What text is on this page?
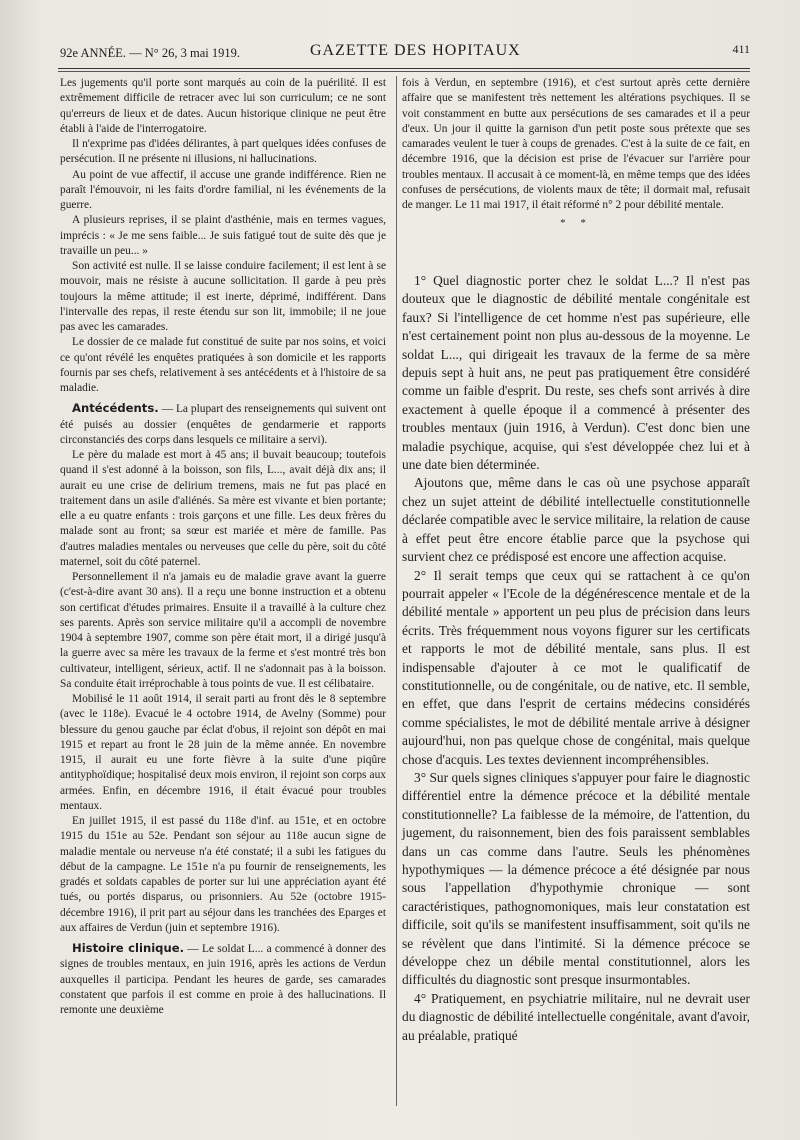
92e ANNÉE. — N° 26, 3 mai 1919.	GAZETTE DES HOPITAUX	411

Les jugements qu'il porte sont marqués au coin de la puérilité. Il est extrêmement difficile de retracer avec lui son curriculum; ce ne sont qu'erreurs de lieux et de dates. Aucun historique clinique ne peut être établi à l'aide de l'interrogatoire.

Il n'exprime pas d'idées délirantes, à part quelques idées confuses de persécution. Il ne présente ni illusions, ni hallucinations.

Au point de vue affectif, il accuse une grande indifférence. Rien ne paraît l'émouvoir, ni les faits d'ordre familial, ni les événements de la guerre.

A plusieurs reprises, il se plaint d'asthénie, mais en termes vagues, imprécis : « Je me sens faible... Je suis fatigué tout de suite dès que je travaille un peu... »

Son activité est nulle. Il se laisse conduire facilement; il est lent à se mouvoir, mais ne résiste à aucune sollicitation. Il garde à peu près toujours la même attitude; il est inerte, déprimé, indifférent. Dans l'intervalle des repas, il reste étendu sur son lit, immobile; il ne joue pas avec les camarades.

Le dossier de ce malade fut constitué de suite par nos soins, et voici ce qu'ont révélé les enquêtes pratiquées à son domicile et les rapports fournis par ses chefs, relativement à ses antécédents et à l'histoire de sa maladie.

Antécédents. — La plupart des renseignements qui suivent ont été puisés au dossier (enquêtes de gendarmerie et rapports circonstanciés des corps dans lesquels ce militaire a servi).

Le père du malade est mort à 45 ans; il buvait beaucoup; toutefois quand il s'est adonné à la boisson, son fils, L..., avait déjà dix ans; il aurait eu une crise de delirium tremens, mais ne fut pas placé en traitement dans un asile d'aliénés. Sa mère est vivante et bien portante; elle a eu quatre enfants : trois garçons et une fille. Les deux frères du malade sont au front; sa sœur est mariée et mère de famille. Pas d'autres maladies mentales ou nerveuses que celle du père, soit du côté maternel, soit du côté paternel.

Personnellement il n'a jamais eu de maladie grave avant la guerre (c'est-à-dire avant 30 ans). Il a reçu une bonne instruction et a obtenu son certificat d'études primaires. Ensuite il a travaillé à la culture chez ses parents. Après son service militaire qu'il a accompli de novembre 1904 à septembre 1907, comme son père était mort, il a dirigé jusqu'à la guerre avec sa mère les travaux de la ferme et s'est montré très bon cultivateur, intelligent, sérieux, actif. Il ne s'adonnait pas à la boisson. Sa conduite était irréprochable à tous points de vue. Il est célibataire.

Mobilisé le 11 août 1914, il serait parti au front dès le 8 septembre (avec le 118e). Evacué le 4 octobre 1914, de Avelny (Somme) pour blessure du genou gauche par éclat d'obus, il rejoint son dépôt en mai 1915 et repart au front le 28 juin de la même année. En novembre 1915, il aurait eu une forte fièvre à la suite d'une piqûre antityphoïdique; hospitalisé deux mois environ, il rejoint son corps aux armées. Enfin, en décembre 1916, il était évacué pour troubles mentaux.

En juillet 1915, il est passé du 118e d'inf. au 151e, et en octobre 1915 du 151e au 52e. Pendant son séjour au 118e aucun signe de maladie mentale ou nerveuse n'a été constaté; il a subi les fatigues du début de la campagne. Le 151e n'a pu fournir de renseignements, les gradés et soldats capables de porter sur lui une appréciation ayant été tués, ou portés disparus, ou prisonniers. Au 52e (octobre 1915-décembre 1916), il prit part au séjour dans les tranchées des Eparges et aux affaires de Verdun (juin et septembre 1916).

Histoire clinique. — Le soldat L... a commencé à donner des signes de troubles mentaux, en juin 1916, après les actions de Verdun auxquelles il participa. Pendant les heures de garde, ses camarades constatent que parfois il est comme en proie à des hallucinations. Il remonte une deuxième

fois à Verdun, en septembre (1916), et c'est surtout après cette dernière affaire que se manifestent très nettement les altérations psychiques. Il se voit constamment en butte aux persécutions de ses camarades et il a peur d'eux. Un jour il quitte la garnison d'un petit poste sous prétexte que ses camarades veulent le tuer à coups de grenades. C'est à la suite de ce fait, en décembre 1916, que la décision est prise de l'évacuer sur l'arrière pour troubles mentaux. Il accusait à ce moment-là, en même temps que des idées confuses de persécutions, de violents maux de tête; il dormait mal, refusait de manger. Le 11 mai 1917, il était réformé n° 2 pour débilité mentale.

* *

1° Quel diagnostic porter chez le soldat L...? Il n'est pas douteux que le diagnostic de débilité mentale congénitale est faux? Si l'intelligence de cet homme n'est pas supérieure, elle n'est certainement point non plus au-dessous de la moyenne. Le soldat L..., qui dirigeait les travaux de la ferme de sa mère depuis sept à huit ans, ne peut pas pratiquement être considéré comme un faible d'esprit. Du reste, ses chefs sont arrivés à dire exactement à quelle époque il a commencé à présenter des troubles mentaux (juin 1916, à Verdun). C'est donc bien une maladie psychique, acquise, qui s'est développée chez lui et à une date bien déterminée.

Ajoutons que, même dans le cas où une psychose apparaît chez un sujet atteint de débilité intellectuelle constitutionnelle déclarée compatible avec le service militaire, la relation de cause à effet peut être encore établie parce que la psychose qui survient chez ce prédisposé est encore une affection acquise.

2° Il serait temps que ceux qui se rattachent à ce qu'on pourrait appeler « l'Ecole de la dégénérescence mentale et de la débilité mentale » apportent un peu plus de précision dans leurs écrits. Très fréquemment nous voyons figurer sur les certificats et rapports le mot de débilité mentale, sans plus. Il est indispensable d'ajouter à ce mot le qualificatif de constitutionnelle, ou de congénitale, ou de native, etc. Il semble, en effet, que dans l'esprit de certains médecins considérés comme spécialistes, le mot de débilité mentale arrive à désigner aujourd'hui, non pas quelque chose de congénital, mais quelque chose d'acquis. Les textes deviennent incompréhensibles.

3° Sur quels signes cliniques s'appuyer pour faire le diagnostic différentiel entre la démence précoce et la débilité mentale constitutionnelle? La faiblesse de la mémoire, de l'attention, du jugement, du raisonnement, bien des fois paraissent semblables dans un cas comme dans l'autre. Seuls les phénomènes hypothymiques — la démence précoce a été désignée par nous sous l'appellation d'hypothymie chronique — sont caractéristiques, pathognomoniques, mais leur constatation est difficile, soit qu'ils se manifestent insuffisamment, soit qu'ils ne se révèlent que dans l'intimité. Si la démence précoce se développe chez un débile mental constitutionnel, alors les difficultés du diagnostic sont presque insurmontables.

4° Pratiquement, en psychiatrie militaire, nul ne devrait user du diagnostic de débilité intellectuelle congénitale, avant d'avoir, au préalable, pratiqué
